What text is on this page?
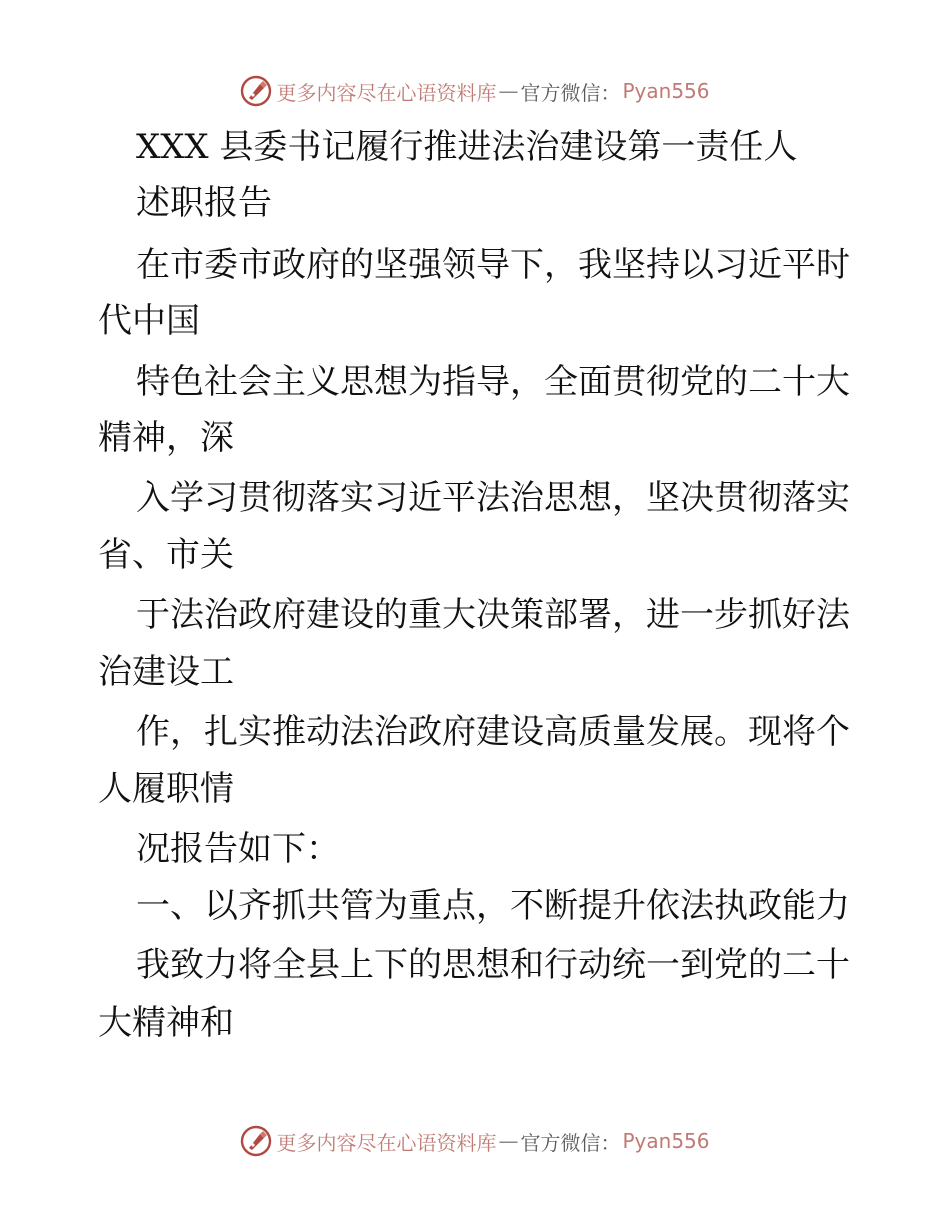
更多内容尽在心语资料库 — 官方微信： Pyan556
XXX 县委书记履行推进法治建设第一责任人
述职报告
在市委市政府的坚强领导下，我坚持以习近平时
代中国
特色社会主义思想为指导，全面贯彻党的二十大
精神，深
入学习贯彻落实习近平法治思想，坚决贯彻落实
省、市关
于法治政府建设的重大决策部署，进一步抓好法
治建设工
作，扎实推动法治政府建设高质量发展。现将个
人履职情
况报告如下：
一、以齐抓共管为重点，不断提升依法执政能力
我致力将全县上下的思想和行动统一到党的二十
大精神和
更多内容尽在心语资料库 — 官方微信： Pyan556
